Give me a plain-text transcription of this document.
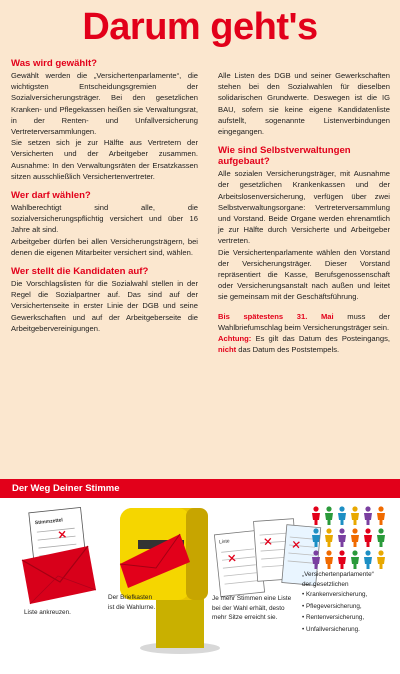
Darum geht's
Was wird gewählt?

Gewählt werden die „Versichertenparlamente“, die wichtigsten Entscheidungsgremien der Sozialversicherungsträger. Bei den gesetzlichen Kranken- und Pflegekassen heißen sie Verwaltungsrat, in der Renten- und Unfallversicherung Vertreterversammlungen.

Sie setzen sich je zur Hälfte aus Vertretern der Versicherten und der Arbeitgeber zusammen. Ausnahme: In den Verwaltungsräten der Ersatzkassen sitzen ausschließlich Versichertenvertreter.

Wer darf wählen?

Wahlberechtigt sind alle, die sozialversicherungspflichtig versichert und über 16 Jahre alt sind.

Arbeitgeber dürfen bei allen Versicherungsträgern, bei denen die eigenen Mitarbeiter versichert sind, wählen.

Wer stellt die Kandidaten auf?

Die Vorschlagslisten für die Sozialwahl stellen in der Regel die Sozialpartner auf. Das sind auf der Versichertenseite in erster Linie der DGB und seine Gewerkschaften und auf der Arbeitgeberseite die Arbeitgebervereinigungen.

Alle Listen des DGB und seiner Gewerkschaften stehen bei den Sozialwahlen für dieselben solidarischen Grundwerte. Deswegen ist die IG BAU, sofern sie keine eigene Kandidatenliste aufstellt, sogenannte Listenverbindungen eingegangen.

Wie sind Selbstverwaltungen aufgebaut?

Alle sozialen Versicherungsträger, mit Ausnahme der gesetzlichen Krankenkassen und der Arbeitslosenversicherung, verfügen über zwei Selbstverwaltungsorgane: Vertreterversammlung und Vorstand. Beide Organe werden ehrenamtlich je zur Hälfte durch Versicherte und Arbeitgeber vertreten.

Die Versichertenparlamente wählen den Vorstand der Versicherungsträger. Dieser Vorstand repräsentiert die Kasse, Berufsgenossenschaft oder Versicherungsanstalt nach außen und leitet sie gemeinsam mit der Geschäftsführung.

Bis spätestens 31. Mai muss der Wahlbriefumschlag beim Versicherungsträger sein.

Achtung: Es gilt das Datum des Posteingangs, nicht das Datum des Poststempels.

Der Weg Deiner Stimme
Stimmzettel
Liste
Liste ankreuzen.
Der Briefkasten
ist die Wahlurne.
Je mehr Stimmen eine Liste
bei der Wahl erhält, desto
mehr Sitze erreicht sie.
„Versichertenparlamente“
der gesetzlichen
• Krankenversicherung,
• Pflegeversicherung,
• Rentenversicherung,
• Unfallversicherung.
